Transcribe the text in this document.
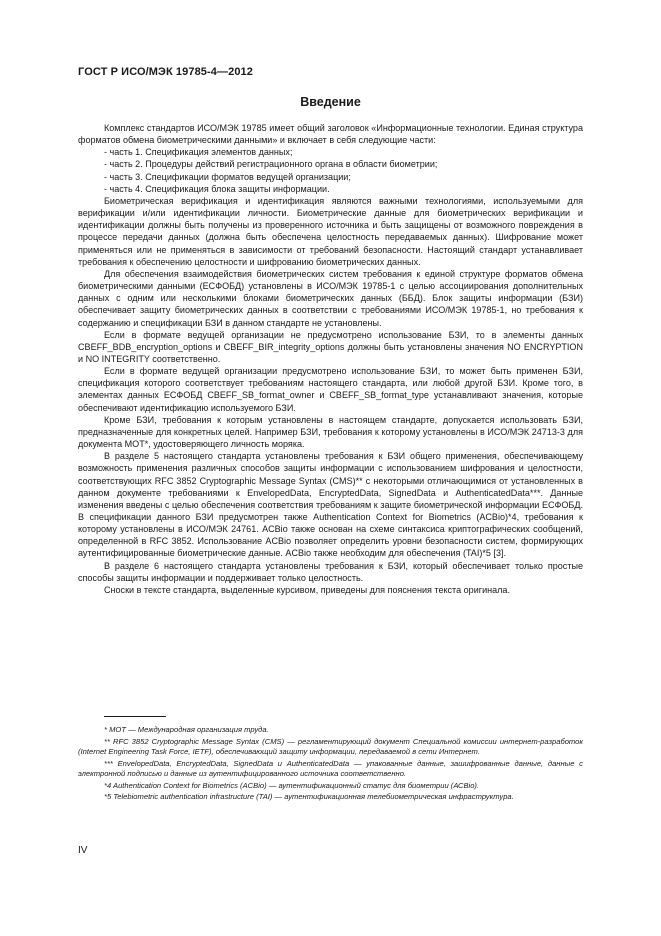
ГОСТ Р ИСО/МЭК 19785-4—2012
Введение

Комплекс стандартов ИСО/МЭК 19785 имеет общий заголовок «Информационные технологии. Единая структура форматов обмена биометрическими данными» и включает в себя следующие части:

- часть 1. Спецификация элементов данных;
- часть 2. Процедуры действий регистрационного органа в области биометрии;
- часть 3. Спецификации форматов ведущей организации;
- часть 4. Спецификация блока защиты информации.

Биометрическая верификация и идентификация являются важными технологиями, используемыми для верификации и/или идентификации личности. Биометрические данные для биометрических верификации и идентификации должны быть получены из проверенного источника и быть защищены от возможного повреждения в процессе передачи данных (должна быть обеспечена целостность передаваемых данных). Шифрование может применяться или не применяться в зависимости от требований безопасности. Настоящий стандарт устанавливает требования к обеспечению целостности и шифрованию биометрических данных.

Для обеспечения взаимодействия биометрических систем требования к единой структуре форматов обмена биометрическими данными (ЕСФОБД) установлены в ИСО/МЭК 19785-1 с целью ассоциирования дополнительных данных с одним или несколькими блоками биометрических данных (ББД). Блок защиты информации (БЗИ) обеспечивает защиту биометрических данных в соответствии с требованиями ИСО/МЭК 19785-1, но требования к содержанию и спецификации БЗИ в данном стандарте не установлены.

Если в формате ведущей организации не предусмотрено использование БЗИ, то в элементы данных CBEFF_BDB_encryption_options и CBEFF_BIR_integrity_options должны быть установлены значения NO ENCRYPTION и NO INTEGRITY соответственно.

Если в формате ведущей организации предусмотрено использование БЗИ, то может быть применен БЗИ, спецификация которого соответствует требованиям настоящего стандарта, или любой другой БЗИ. Кроме того, в элементах данных ЕСФОБД CBEFF_SB_format_owner и CBEFF_SB_format_type устанавливают значения, которые обеспечивают идентификацию используемого БЗИ.

Кроме БЗИ, требования к которым установлены в настоящем стандарте, допускается использовать БЗИ, предназначенные для конкретных целей. Например БЗИ, требования к которому установлены в ИСО/МЭК 24713-3 для документа МОТ*, удостоверяющего личность моряка.

В разделе 5 настоящего стандарта установлены требования к БЗИ общего применения, обеспечивающему возможность применения различных способов защиты информации с использованием шифрования и целостности, соответствующих RFC 3852 Cryptographic Message Syntax (CMS)** с некоторыми отличающимися от установленных в данном документе требованиями к EnvelopedData, EncryptedData, SignedData и AuthenticatedData***. Данные изменения введены с целью обеспечения соответствия требованиям к защите биометрической информации ЕСФОБД. В спецификации данного БЗИ предусмотрен также Authentication Context for Biometrics (ACBio)*4, требования к которому установлены в ИСО/МЭК 24761. ACBio также основан на схеме синтаксиса криптографических сообщений, определенной в RFC 3852. Использование ACBio позволяет определить уровни безопасности систем, формирующих аутентифицированные биометрические данные. ACBio также необходим для обеспечения (TAI)*5 [3].

В разделе 6 настоящего стандарта установлены требования к БЗИ, который обеспечивает только простые способы защиты информации и поддерживает только целостность.

Сноски в тексте стандарта, выделенные курсивом, приведены для пояснения текста оригинала.

* МОТ — Международная организация труда.

** RFC 3852 Cryptographic Message Syntax (CMS) — регламентирующий документ Специальной комиссии интернет-разработок (Internet Engineering Task Force, IETF), обеспечивающий защиту информации, передаваемой в сети Интернет.

*** EnvelopedData, EncryptedData, SignedData и AuthenticatedData — упакованные данные, зашифрованные данные, данные с электронной подписью и данные из аутентифицированного источника соответственно.

*4 Authentication Context for Biometrics (ACBio) — аутентификационный статус для биометрии (АСBio).

*5 Telebiometric authentication infrastructure (TAI) — аутентификационная телебиометрическая инфраструктура.

IV
